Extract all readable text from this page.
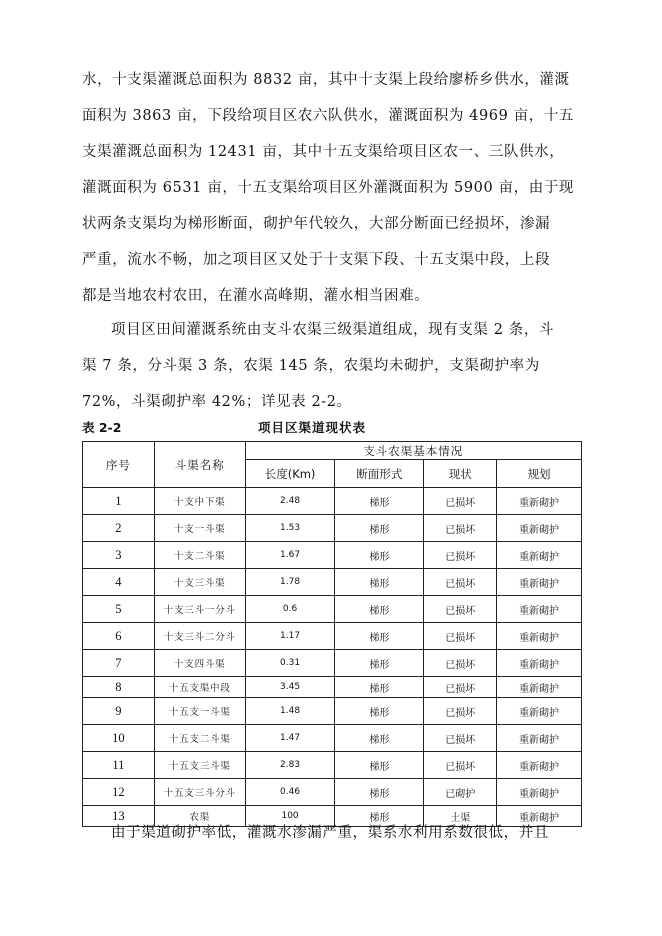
水，十支渠灌溉总面积为 8832 亩，其中十支渠上段给廖桥乡供水，灌溉
面积为 3863 亩，下段给项目区农六队供水，灌溉面积为 4969 亩，十五
支渠灌溉总面积为 12431 亩，其中十五支渠给项目区农一、三队供水，
灌溉面积为 6531 亩，十五支渠给项目区外灌溉面积为 5900 亩，由于现
状两条支渠均为梯形断面，砌护年代较久，大部分断面已经损坏，渗漏
严重，流水不畅，加之项目区又处于十支渠下段、十五支渠中段，上段
都是当地农村农田，在灌水高峰期，灌水相当困难。
项目区田间灌溉系统由支斗农渠三级渠道组成，现有支渠 2 条，斗
渠 7 条，分斗渠 3 条，农渠 145 条，农渠均未砌护，支渠砌护率为
72%，斗渠砌护率 42%；详见表 2-2。
表 2-2	项目区渠道现状表
序号	斗渠名称	支斗农渠基本情况			
		长度(Km)	断面形式	现状	规划
1	十支中下渠	2.48	梯形	已损坏	重新砌护
2	十支一斗渠	1.53	梯形	已损坏	重新砌护
3	十支二斗渠	1.67	梯形	已损坏	重新砌护
4	十支三斗渠	1.78	梯形	已损坏	重新砌护
5	十支三斗一分斗	0.6	梯形	已损坏	重新砌护
6	十支三斗二分斗	1.17	梯形	已损坏	重新砌护
7	十支四斗渠	0.31	梯形	已损坏	重新砌护
8	十五支渠中段	3.45	梯形	已损坏	重新砌护
9	十五支一斗渠	1.48	梯形	已损坏	重新砌护
10	十五支二斗渠	1.47	梯形	已损坏	重新砌护
11	十五支三斗渠	2.83	梯形	已损坏	重新砌护
12	十五支三斗分斗	0.46	梯形	已砌护	重新砌护
13	农渠	100	梯形	土渠	重新砌护
由于渠道砌护率低，灌溉水渗漏严重，渠系水利用系数很低，并且
